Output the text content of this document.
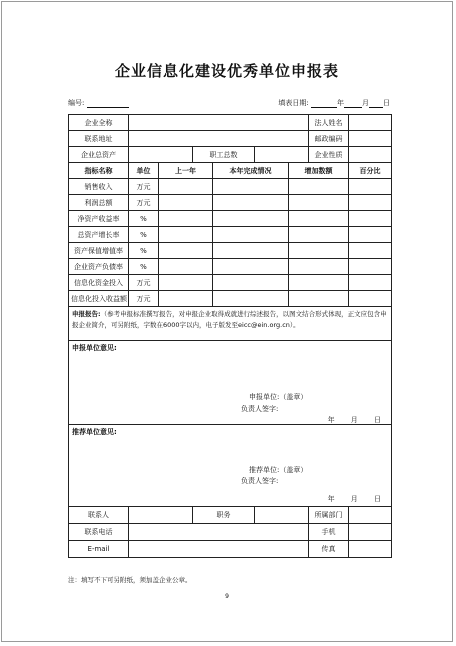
企业信息化建设优秀单位申报表
编号:	填表日期:	年	月 日
企业全称							法人姓名	
联系地址							邮政编码	
企业总资产			职工总数				企业性质	
指标名称	单位	上一年		本年完成情况		增加数额		百分比
销售收入	万元							
利润总额	万元							
净资产收益率	%							
总资产增长率	%							
资产保值增值率	%							
企业资产负债率	%							
信息化资金投入	万元							
信息化投入收益额	万元							
申报报告:（参考申报标准撰写报告，对申报企业取得成就进行综述报告，以图文结合形式体现，正文应包含申报企业简介，可另附纸，字数在6000字以内，电子版发至eicc@ein.org.cn）。								

申报单位意见:
申报单位:（盖章）
负责人签字:
年 月 日								

推荐单位意见:
推荐单位:（盖章）
负责人签字:
年 月 日								

联系人			职务				所属部门	
联系电话							手机	
E-mail							传真	
注：填写不下可另附纸，须加盖企业公章。
9
